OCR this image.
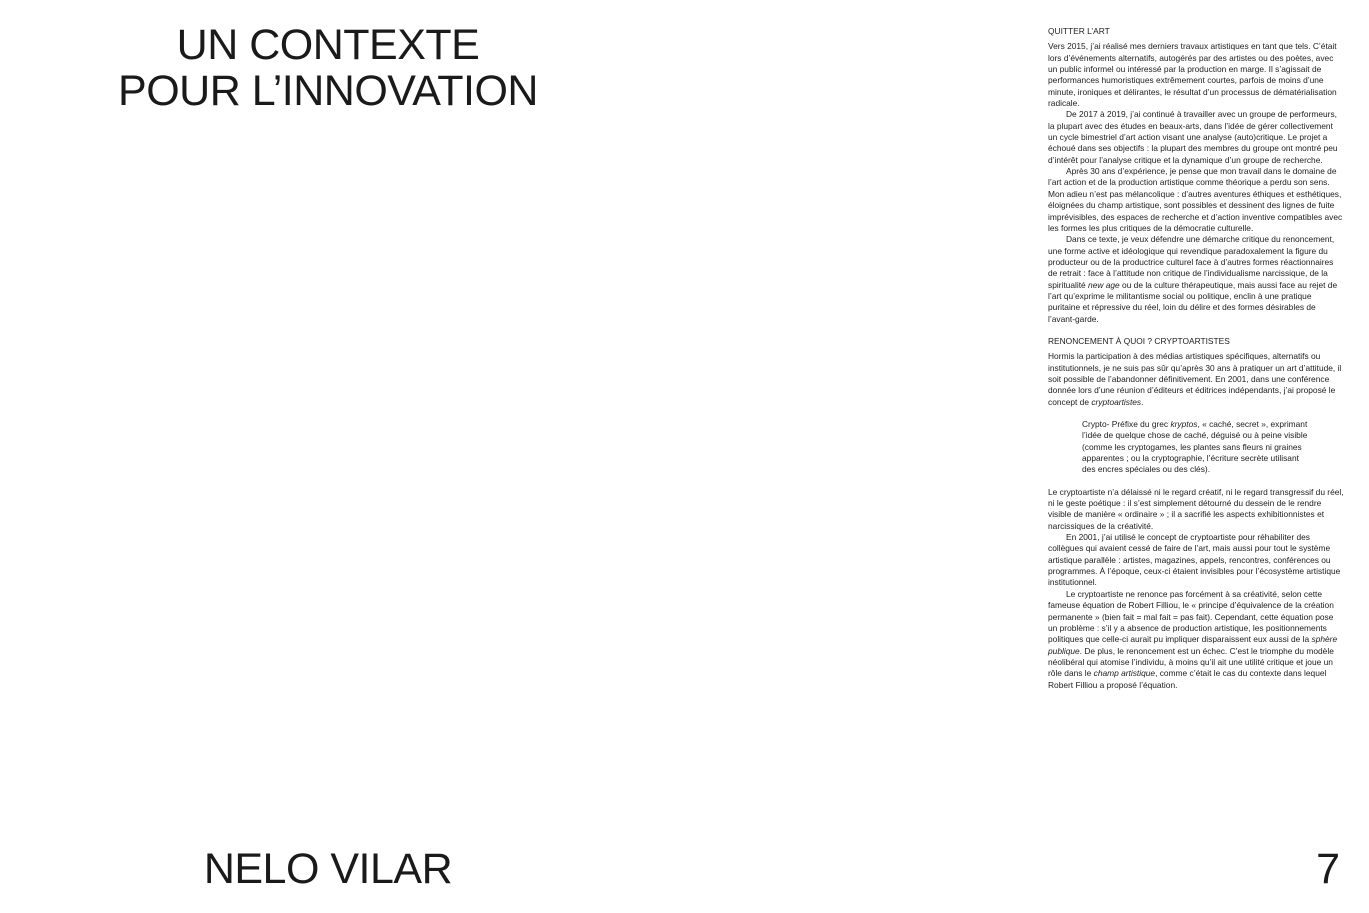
UN CONTEXTE
POUR L’INNOVATION

QUITTER L’ART

Vers 2015, j’ai réalisé mes derniers travaux artistiques en tant que tels. C’était lors d’événements alternatifs, autogérés par des artistes ou des poètes, avec un public informel ou intéressé par la production en marge. Il s’agissait de performances humoristiques extrêmement courtes, parfois de moins d’une minute, ironiques et délirantes, le résultat d’un processus de dématérialisation radicale.

De 2017 à 2019, j’ai continué à travailler avec un groupe de performeurs, la plupart avec des études en beaux-arts, dans l’idée de gérer collectivement un cycle bimestriel d’art action visant une analyse (auto)critique. Le projet a échoué dans ses objectifs : la plupart des membres du groupe ont montré peu d’intérêt pour l’analyse critique et la dynamique d’un groupe de recherche.

Après 30 ans d’expérience, je pense que mon travail dans le domaine de l’art action et de la production artistique comme théorique a perdu son sens. Mon adieu n’est pas mélancolique : d’autres aventures éthiques et esthétiques, éloignées du champ artistique, sont possibles et dessinent des lignes de fuite imprévisibles, des espaces de recherche et d’action inventive compatibles avec les formes les plus critiques de la démocratie culturelle.

Dans ce texte, je veux défendre une démarche critique du renoncement, une forme active et idéologique qui revendique paradoxalement la figure du producteur ou de la productrice culturel face à d’autres formes réactionnaires de retrait : face à l’attitude non critique de l’individualisme narcissique, de la spiritualité new age ou de la culture thérapeutique, mais aussi face au rejet de l’art qu’exprime le militantisme social ou politique, enclin à une pratique puritaine et répressive du réel, loin du délire et des formes désirables de l’avant-garde.

RENONCEMENT À QUOI ? CRYPTOARTISTES

Hormis la participation à des médias artistiques spécifiques, alternatifs ou institutionnels, je ne suis pas sûr qu’après 30 ans à pratiquer un art d’attitude, il soit possible de l’abandonner définitivement. En 2001, dans une conférence donnée lors d’une réunion d’éditeurs et éditrices indépendants, j’ai proposé le concept de cryptoartistes.

Crypto- Préfixe du grec kryptos, « caché, secret », exprimant l’idée de quelque chose de caché, déguisé ou à peine visible (comme les cryptogames, les plantes sans fleurs ni graines apparentes ; ou la cryptographie, l’écriture secrète utilisant des encres spéciales ou des clés).

Le cryptoartiste n’a délaissé ni le regard créatif, ni le regard transgressif du réel, ni le geste poétique : il s’est simplement détourné du dessein de le rendre visible de manière « ordinaire » ; il a sacrifié les aspects exhibitionnistes et narcissiques de la créativité.

En 2001, j’ai utilisé le concept de cryptoartiste pour réhabiliter des collègues qui avaient cessé de faire de l’art, mais aussi pour tout le système artistique parallèle : artistes, magazines, appels, rencontres, conférences ou programmes. À l’époque, ceux-ci étaient invisibles pour l’écosystème artistique institutionnel.

Le cryptoartiste ne renonce pas forcément à sa créativité, selon cette fameuse équation de Robert Filliou, le « principe d’équivalence de la création permanente » (bien fait = mal fait = pas fait). Cependant, cette équation pose un problème : s’il y a absence de production artistique, les positionnements politiques que celle-ci aurait pu impliquer disparaissent eux aussi de la sphère publique. De plus, le renoncement est un échec. C’est le triomphe du modèle néolibéral qui atomise l’individu, à moins qu’il ait une utilité critique et joue un rôle dans le champ artistique, comme c’était le cas du contexte dans lequel Robert Filliou a proposé l’équation.

NELO VILAR	7
